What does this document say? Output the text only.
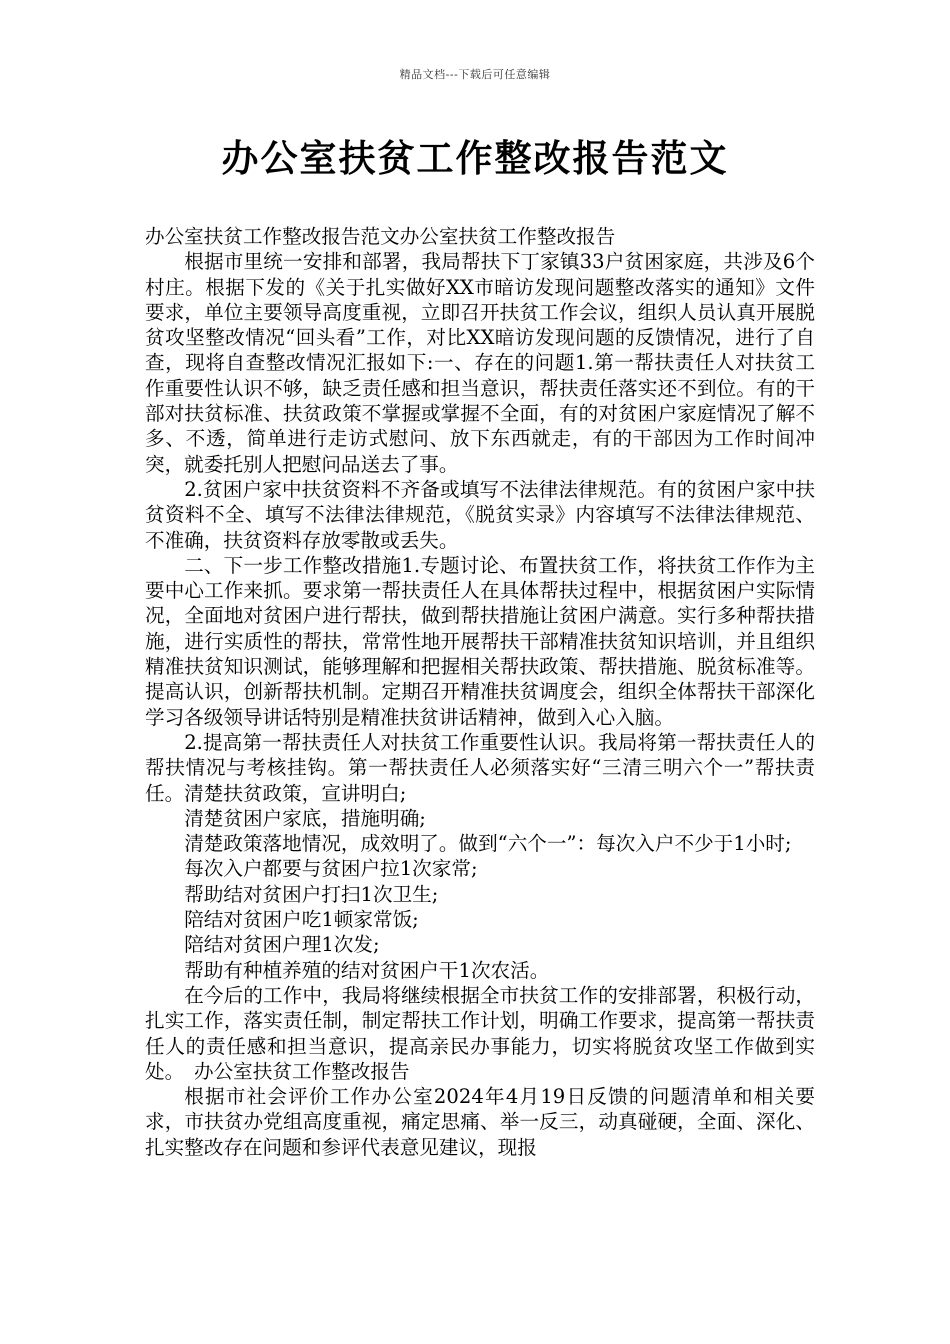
精品文档---下载后可任意编辑
办公室扶贫工作整改报告范文

办公室扶贫工作整改报告范文办公室扶贫工作整改报告

根据市里统一安排和部署，我局帮扶下丁家镇33户贫困家庭，共涉及6个村庄。根据下发的《关于扎实做好XX市暗访发现问题整改落实的通知》文件要求，单位主要领导高度重视，立即召开扶贫工作会议，组织人员认真开展脱贫攻坚整改情况“回头看”工作，对比XX暗访发现问题的反馈情况，进行了自查，现将自查整改情况汇报如下:一、存在的问题1.第一帮扶责任人对扶贫工作重要性认识不够，缺乏责任感和担当意识，帮扶责任落实还不到位。有的干部对扶贫标准、扶贫政策不掌握或掌握不全面，有的对贫困户家庭情况了解不多、不透，简单进行走访式慰问、放下东西就走，有的干部因为工作时间冲突，就委托别人把慰问品送去了事。

2.贫困户家中扶贫资料不齐备或填写不法律法律规范。有的贫困户家中扶贫资料不全、填写不法律法律规范，《脱贫实录》内容填写不法律法律规范、不准确，扶贫资料存放零散或丢失。

二、下一步工作整改措施1.专题讨论、布置扶贫工作，将扶贫工作作为主要中心工作来抓。要求第一帮扶责任人在具体帮扶过程中，根据贫困户实际情况，全面地对贫困户进行帮扶，做到帮扶措施让贫困户满意。实行多种帮扶措施，进行实质性的帮扶，常常性地开展帮扶干部精准扶贫知识培训，并且组织精准扶贫知识测试，能够理解和把握相关帮扶政策、帮扶措施、脱贫标准等。提高认识，创新帮扶机制。定期召开精准扶贫调度会，组织全体帮扶干部深化学习各级领导讲话特别是精准扶贫讲话精神，做到入心入脑。

2.提高第一帮扶责任人对扶贫工作重要性认识。我局将第一帮扶责任人的帮扶情况与考核挂钩。第一帮扶责任人必须落实好“三清三明六个一”帮扶责任。清楚扶贫政策，宣讲明白;

清楚贫困户家底，措施明确;

清楚政策落地情况，成效明了。做到“六个一”：每次入户不少于1小时;

每次入户都要与贫困户拉1次家常;

帮助结对贫困户打扫1次卫生;

陪结对贫困户吃1顿家常饭;

陪结对贫困户理1次发;

帮助有种植养殖的结对贫困户干1次农活。

在今后的工作中，我局将继续根据全市扶贫工作的安排部署，积极行动，扎实工作，落实责任制，制定帮扶工作计划，明确工作要求，提高第一帮扶责任人的责任感和担当意识，提高亲民办事能力，切实将脱贫攻坚工作做到实处。　办公室扶贫工作整改报告

根据市社会评价工作办公室2024年4月19日反馈的问题清单和相关要求，市扶贫办党组高度重视，痛定思痛、举一反三，动真碰硬，全面、深化、扎实整改存在问题和参评代表意见建议，现报
